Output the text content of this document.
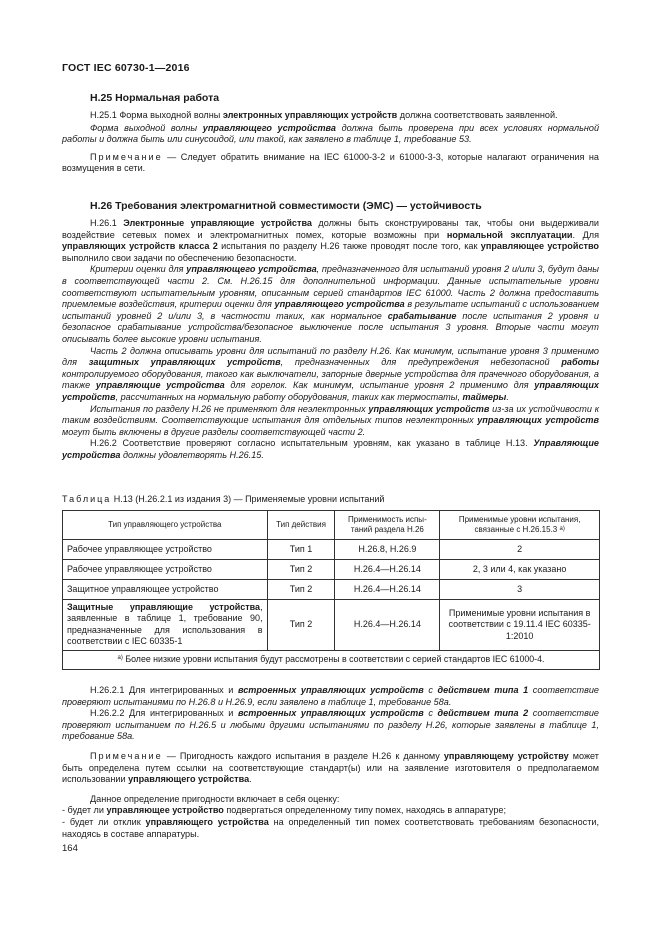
ГОСТ IEC 60730-1—2016
H.25 Нормальная работа

H.25.1 Форма выходной волны электронных управляющих устройств должна соответствовать заявленной.

Форма выходной волны управляющего устройства должна быть проверена при всех условиях нормальной работы и должна быть или синусоидой, или такой, как заявлено в таблице 1, требование 53.

Примечание — Следует обратить внимание на IEC 61000-3-2 и 61000-3-3, которые налагают ограничения на возмущения в сети.

H.26 Требования электромагнитной совместимости (ЭМС) — устойчивость

H.26.1 Электронные управляющие устройства должны быть сконструированы так, чтобы они выдерживали воздействие сетевых помех и электромагнитных помех, которые возможны при нормальной эксплуатации. Для управляющих устройств класса 2 испытания по разделу H.26 также проводят после того, как управляющее устройство выполнило свои задачи по обеспечению безопасности.

Критерии оценки для управляющего устройства, предназначенного для испытаний уровня 2 и/или 3, будут даны в соответствующей части 2. См. H.26.15 для дополнительной информации. Данные испытательные уровни соответствуют испытательным уровням, описанным серией стандартов IEC 61000. Часть 2 должна предоставить приемлемые воздействия, критерии оценки для управляющего устройства в результате испытаний с использованием испытаний уровней 2 и/или 3, в частности таких, как нормальное срабатывание после испытания 2 уровня и безопасное срабатывание устройства/безопасное выключение после испытания 3 уровня. Вторые части могут описывать более высокие уровни испытания.

Часть 2 должна описывать уровни для испытаний по разделу H.26. Как минимум, испытание уровня 3 применимо для защитных управляющих устройств, предназначенных для предупреждения небезопасной работы контролируемого оборудования, такого как выключатели, запорные дверные устройства для прачечного оборудования, а также управляющие устройства для горелок. Как минимум, испытание уровня 2 применимо для управляющих устройств, рассчитанных на нормальную работу оборудования, таких как термостаты, таймеры.

Испытания по разделу H.26 не применяют для неэлектронных управляющих устройств из-за их устойчивости к таким воздействиям. Соответствующие испытания для отдельных типов неэлектронных управляющих устройств могут быть включены в другие разделы соответствующей части 2.

H.26.2 Соответствие проверяют согласно испытательным уровням, как указано в таблице H.13. Управляющие устройства должны удовлетворять H.26.15.

Таблица H.13 (H.26.2.1 из издания 3) — Применяемые уровни испытаний
Тип управляющего устройства	Тип действия	Применимость испытаний раздела H.26	Применимые уровни испытания, связанные с H.26.15.3 $^{a)}$
Рабочее управляющее устройство	Тип 1	H.26.8, H.26.9	2
Рабочее управляющее устройство	Тип 2	H.26.4—H.26.14	2, 3 или 4, как указано
Защитное управляющее устройство	Тип 2	H.26.4—H.26.14	3
Защитные управляющие устройства, заявленные в таблице 1, требование 90, предназначенные для использования в соответствии с IEC 60335-1	Тип 2	H.26.4—H.26.14	Применимые уровни испытания в соответствии с 19.11.4 IEC 60335-1:2010
$^{a)}$ Более низкие уровни испытания будут рассмотрены в соответствии с серией стандартов IEC 61000-4.			

H.26.2.1 Для интегрированных и встроенных управляющих устройств с действием типа 1 соответствие проверяют испытаниями по H.26.8 и H.26.9, если заявлено в таблице 1, требование 58а.

H.26.2.2 Для интегрированных и встроенных управляющих устройств с действием типа 2 соответствие проверяют испытанием по H.26.5 и любыми другими испытаниями по разделу H.26, которые заявлены в таблице 1, требование 58а.

Примечание — Пригодность каждого испытания в разделе H.26 к данному управляющему устройству может быть определена путем ссылки на соответствующие стандарт(ы) или на заявление изготовителя о предполагаемом использовании управляющего устройства.

Данное определение пригодности включает в себя оценку:

- будет ли управляющее устройство подвергаться определенному типу помех, находясь в аппаратуре;

- будет ли отклик управляющего устройства на определенный тип помех соответствовать требованиям безопасности, находясь в составе аппаратуры.

164
